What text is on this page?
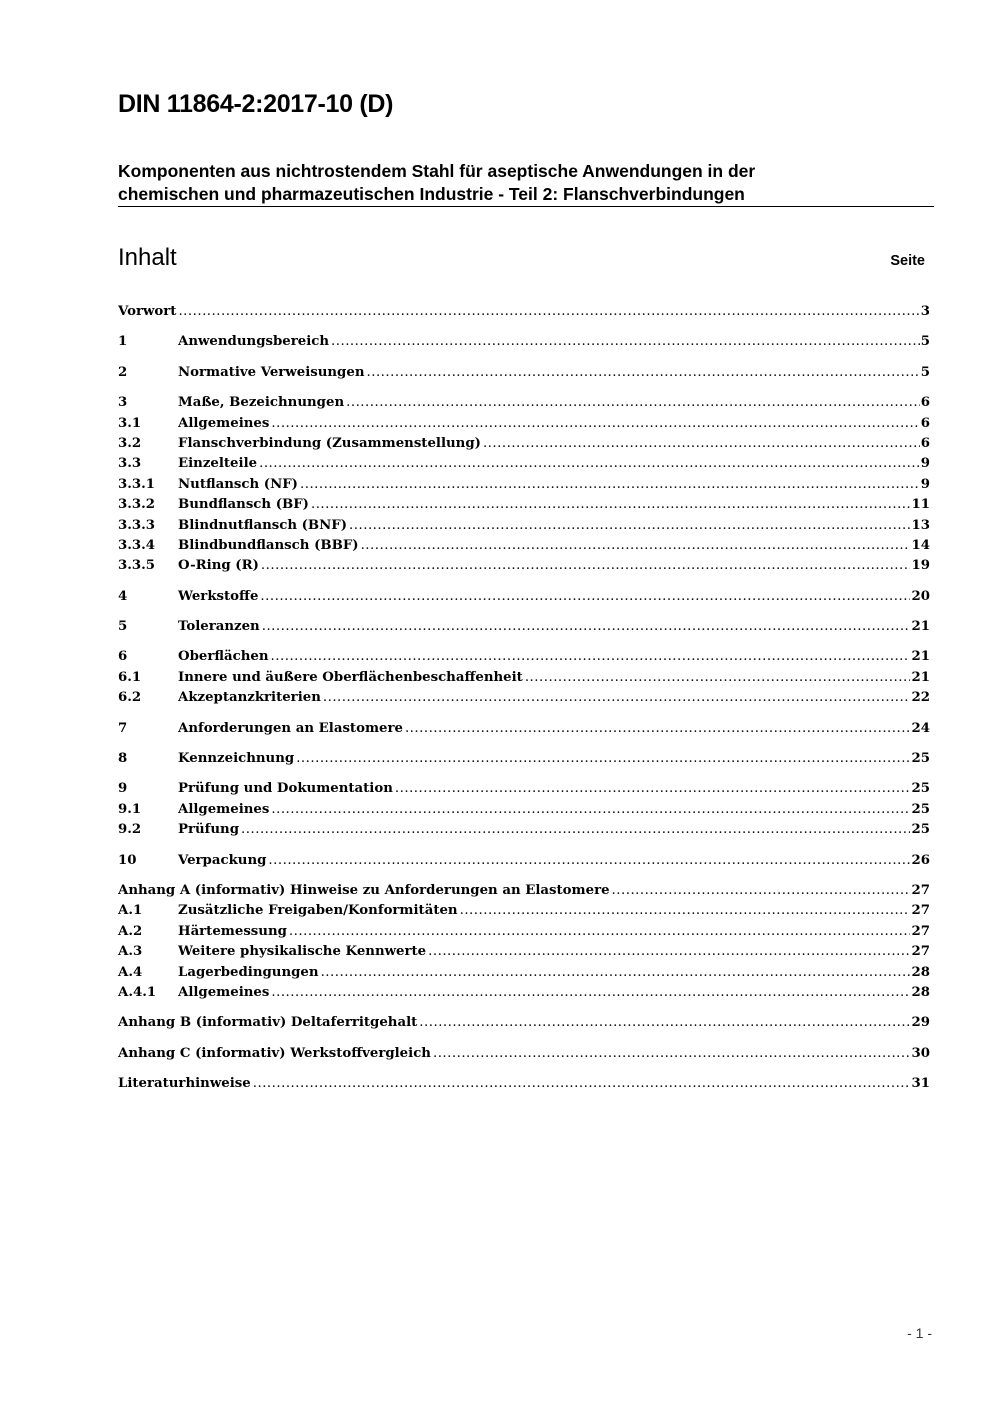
DIN 11864-2:2017-10 (D)
Komponenten aus nichtrostendem Stahl für aseptische Anwendungen in der
chemischen und pharmazeutischen Industrie - Teil 2: Flanschverbindungen
Inhalt	Seite
Vorwort .....	3
1	Anwendungsbereich .....	5
2	Normative Verweisungen .....	5
3	Maße, Bezeichnungen .....	6
3.1	Allgemeines .....	6
3.2	Flanschverbindung (Zusammenstellung) .....	6
3.3	Einzelteile .....	9
3.3.1	Nutflansch (NF) .....	9
3.3.2	Bundflansch (BF) .....	11
3.3.3	Blindnutflansch (BNF) .....	13
3.3.4	Blindbundflansch (BBF) .....	14
3.3.5	O-Ring (R) .....	19
4	Werkstoffe .....	20
5	Toleranzen .....	21
6	Oberflächen .....	21
6.1	Innere und äußere Oberflächenbeschaffenheit .....	21
6.2	Akzeptanzkriterien .....	22
7	Anforderungen an Elastomere .....	24
8	Kennzeichnung .....	25
9	Prüfung und Dokumentation .....	25
9.1	Allgemeines .....	25
9.2	Prüfung .....	25
10	Verpackung .....	26
Anhang A (informativ) Hinweise zu Anforderungen an Elastomere .....	27
A.1	Zusätzliche Freigaben/Konformitäten .....	27
A.2	Härtemessung .....	27
A.3	Weitere physikalische Kennwerte .....	27
A.4	Lagerbedingungen .....	28
A.4.1	Allgemeines .....	28
Anhang B (informativ) Deltaferritgehalt .....	29
Anhang C (informativ) Werkstoffvergleich .....	30
Literaturhinweise .....	31
- 1 -
